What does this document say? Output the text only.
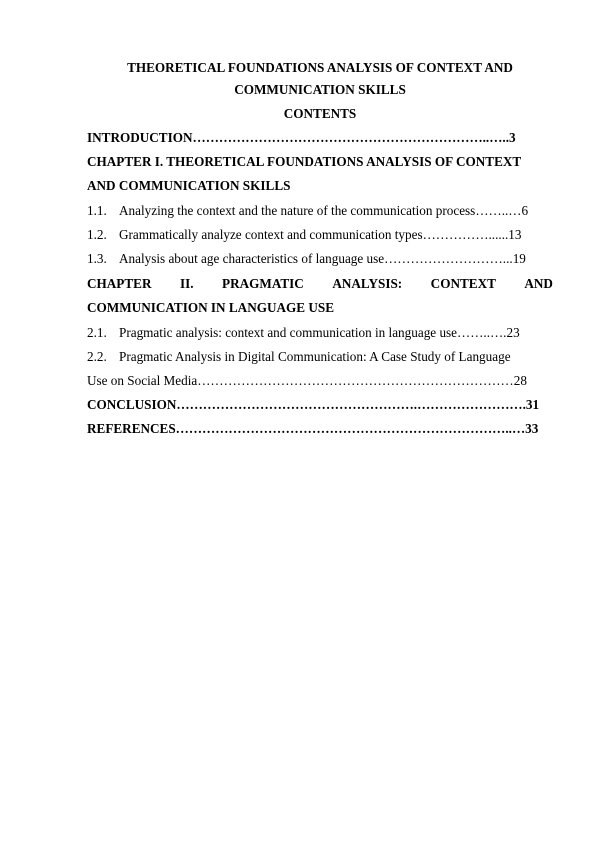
THEORETICAL FOUNDATIONS ANALYSIS OF CONTEXT AND
COMMUNICATION SKILLS
CONTENTS
INTRODUCTION…………………………………………………………..…..3
CHAPTER I. THEORETICAL FOUNDATIONS ANALYSIS OF CONTEXT
AND COMMUNICATION SKILLS
1.1. Analyzing the context and the nature of the communication process……..…6
1.2. Grammatically analyze context and communication types……………......13
1.3. Analysis about age characteristics of language use………………………...19
CHAPTER II. PRAGMATIC ANALYSIS: CONTEXT AND
COMMUNICATION IN LANGUAGE USE
2.1. Pragmatic analysis: context and communication in language use……..….23
2.2. Pragmatic Analysis in Digital Communication: A Case Study of Language
Use on Social Media………………………………………………………………28
CONCLUSION……………………………………………….…………………….31
REFERENCES…………………………………………………………………..…33
